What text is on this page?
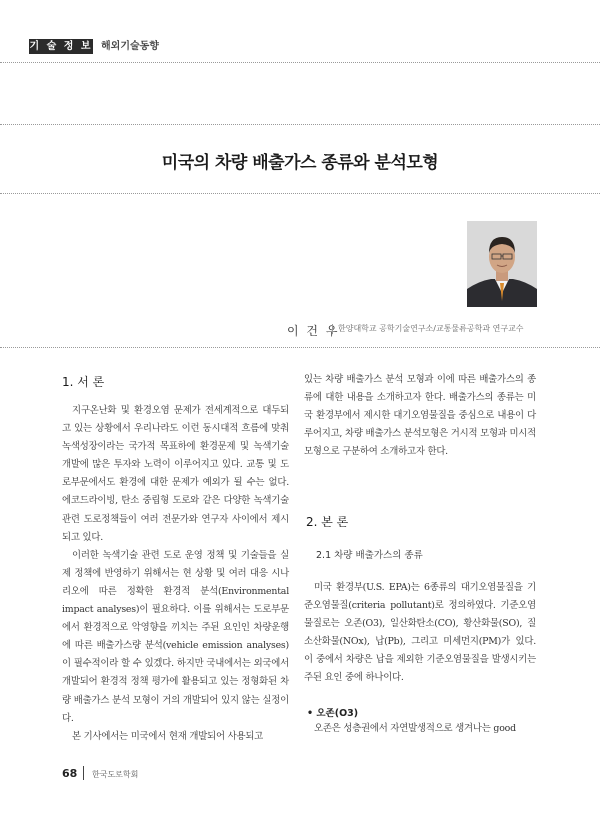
기 술 정 보 해외기술동향
미국의 차량 배출가스 종류와 분석모형
이 건 우
한양대학교 공학기술연구소/교통물류공학과 연구교수
1. 서 론

지구온난화 및 환경오염 문제가 전세계적으로 대두되고 있는 상황에서 우리나라도 이런 동시대적 흐름에 맞춰 녹색성장이라는 국가적 목표하에 환경문제 및 녹색기술 개발에 많은 투자와 노력이 이루어지고 있다. 교통 및 도로부문에서도 환경에 대한 문제가 예외가 될 수는 없다. 에코드라이빙, 탄소 중립형 도로와 같은 다양한 녹색기술 관련 도로정책들이 여러 전문가와 연구자 사이에서 제시되고 있다.

이러한 녹색기술 관련 도로 운영 정책 및 기술들을 실제 정책에 반영하기 위해서는 현 상황 및 여러 대응 시나리오에 따른 정확한 환경적 분석(Environmental impact analyses)이 필요하다. 이를 위해서는 도로부문에서 환경적으로 악영향을 끼치는 주된 요인인 차량운행에 따른 배출가스량 분석(vehicle emission analyses)이 필수적이라 할 수 있겠다. 하지만 국내에서는 외국에서 개발되어 환경적 정책 평가에 활용되고 있는 정형화된 차량 배출가스 분석 모형이 거의 개발되어 있지 않는 실정이다.

본 기사에서는 미국에서 현재 개발되어 사용되고

있는 차량 배출가스 분석 모형과 이에 따른 배출가스의 종류에 대한 내용을 소개하고자 한다. 배출가스의 종류는 미국 환경부에서 제시한 대기오염물질을 중심으로 내용이 다루어지고, 차량 배출가스 분석모형은 거시적 모형과 미시적 모형으로 구분하여 소개하고자 한다.

2. 본 론
2.1 차량 배출가스의 종류

미국 환경부(U.S. EPA)는 6종류의 대기오염물질을 기준오염물질(criteria pollutant)로 정의하였다. 기준오염물질로는 오존(O3), 일산화탄소(CO), 황산화물(SO), 질소산화물(NOx), 납(Pb), 그리고 미세먼지(PM)가 있다. 이 중에서 차량은 납을 제외한 기준오염물질을 발생시키는 주된 요인 중에 하나이다.

• 오존(O3)

오존은 성층권에서 자연발생적으로 생겨나는 good

68 한국도로학회
